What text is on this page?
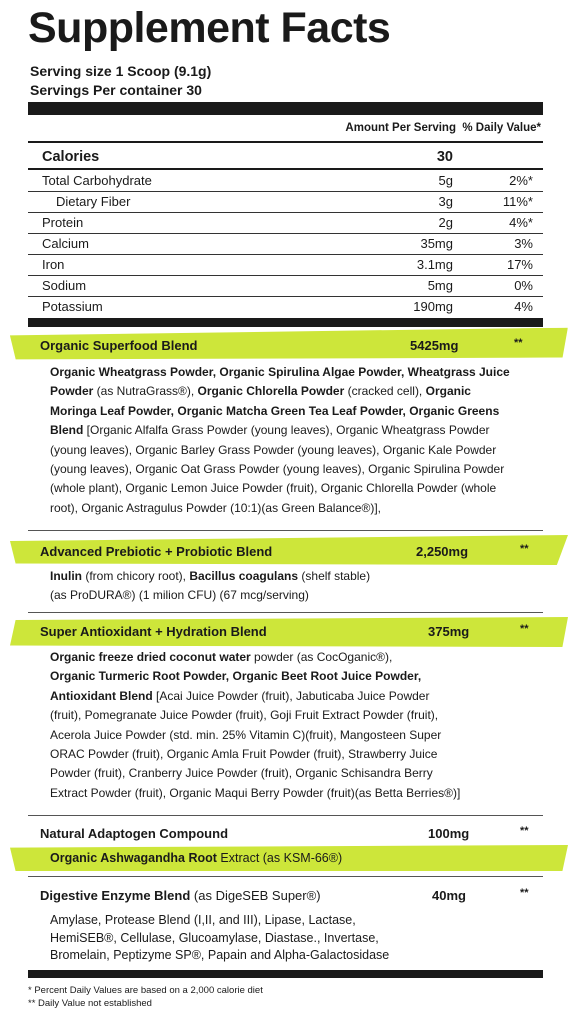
Supplement Facts
Serving size 1 Scoop (9.1g)
Servings Per container 30
Amount Per Serving % Daily Value*
Calories	30
Total Carbohydrate	5g	2%*
Dietary Fiber	3g	11%*
Protein	2g	4%*
Calcium	35mg	3%
Iron	3.1mg	17%
Sodium	5mg	0%
Potassium	190mg	4%
Organic Superfood Blend	5425mg	**
Organic Wheatgrass Powder, Organic Spirulina Algae Powder, Wheatgrass Juice
Powder (as NutraGrass®), Organic Chlorella Powder (cracked cell), Organic
Moringa Leaf Powder, Organic Matcha Green Tea Leaf Powder, Organic Greens
Blend [Organic Alfalfa Grass Powder (young leaves), Organic Wheatgrass Powder
(young leaves), Organic Barley Grass Powder (young leaves), Organic Kale Powder
(young leaves), Organic Oat Grass Powder (young leaves), Organic Spirulina Powder
(whole plant), Organic Lemon Juice Powder (fruit), Organic Chlorella Powder (whole
root), Organic Astragulus Powder (10:1)(as Green Balance®)],
Advanced Prebiotic + Probiotic Blend	2,250mg	**
Inulin (from chicory root), Bacillus coagulans (shelf stable)
(as ProDURA®) (1 milion CFU) (67 mcg/serving)
Super Antioxidant + Hydration Blend	375mg	**
Organic freeze dried coconut water powder (as CocOganic®),
Organic Turmeric Root Powder, Organic Beet Root Juice Powder,
Antioxidant Blend [Acai Juice Powder (fruit), Jabuticaba Juice Powder
(fruit), Pomegranate Juice Powder (fruit), Goji Fruit Extract Powder (fruit),
Acerola Juice Powder (std. min. 25% Vitamin C)(fruit), Mangosteen Super
ORAC Powder (fruit), Organic Amla Fruit Powder (fruit), Strawberry Juice
Powder (fruit), Cranberry Juice Powder (fruit), Organic Schisandra Berry
Extract Powder (fruit), Organic Maqui Berry Powder (fruit)(as Betta Berries®)]
Natural Adaptogen Compound	100mg	**
Organic Ashwagandha Root Extract (as KSM-66®)
Digestive Enzyme Blend (as DigeSEB Super®)	40mg	**
Amylase, Protease Blend (I,II, and III), Lipase, Lactase,
HemiSEB®, Cellulase, Glucoamylase, Diastase., Invertase,
Bromelain, Peptizyme SP®, Papain and Alpha-Galactosidase
* Percent Daily Values are based on a 2,000 calorie diet
** Daily Value not established
